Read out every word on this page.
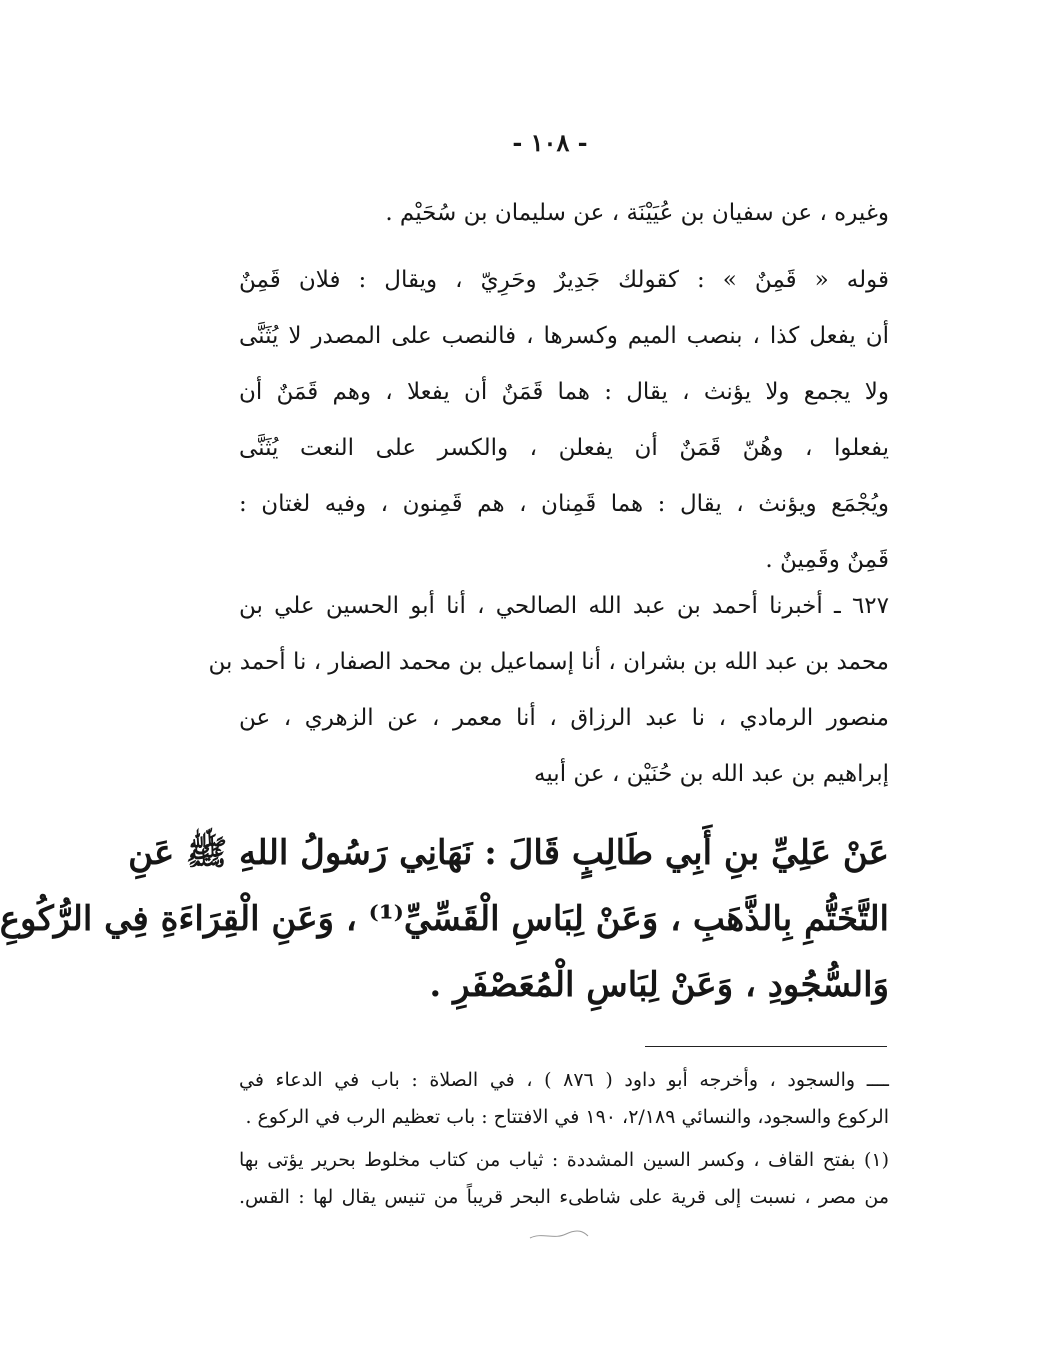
- ١٠٨ -
وغيره ، عن سفيان بن عُيَيْنَة ، عن سليمان بن سُحَيْم .
قوله « قَمِنٌ » : كقولك جَدِيرٌ وحَرِيّ ، ويقال : فلان قَمِنٌ
أن يفعل كذا ، بنصب الميم وكسرها ، فالنصب على المصدر لا يُثَنَّى
ولا يجمع ولا يؤنث ، يقال : هما قَمَنٌ أن يفعلا ، وهم قَمَنٌ أن
يفعلوا ، وهُنّ قَمَنٌ أن يفعلن ، والكسر على النعت يُثَنَّى
ويُجْمَع ويؤنث ، يقال : هما قَمِنان ، هم قَمِنون ، وفيه لغتان :
قَمِنٌ وقَمِينٌ .
٦٢٧ ـ أخبرنا أحمد بن عبد الله الصالحي ، أنا أبو الحسين علي بن
محمد بن عبد الله بن بشران ، أنا إسماعيل بن محمد الصفار ، نا أحمد بن
منصور الرمادي ، نا عبد الرزاق ، أنا معمر ، عن الزهري ، عن
إبراهيم بن عبد الله بن حُنَيْن ، عن أبيه
عَنْ عَلِيِّ بنِ أَبِي طَالِبٍ قَالَ : نَهَانِي رَسُولُ اللهِ ﷺ عَنِ
التَّخَتُّمِ بِالذَّهَبِ ، وَعَنْ لِبَاسِ الْقَسِّيِّ⁽¹⁾ ، وَعَنِ الْقِرَاءَةِ فِي الرُّكُوعِ
وَالسُّجُودِ ، وَعَنْ لِبَاسِ الْمُعَصْفَرِ .
ــــ والسجود ، وأخرجه أبو داود ( ٨٧٦ ) ، في الصلاة : باب في الدعاء في
الركوع والسجود، والنسائي ٢/١٨٩، ١٩٠ في الافتتاح : باب تعظيم الرب في الركوع .
(١) بفتح القاف ، وكسر السين المشددة : ثياب من كتاب مخلوط بحرير يؤتى بها
من مصر ، نسبت إلى قرية على شاطىء البحر قريباً من تنيس يقال لها : القس.
